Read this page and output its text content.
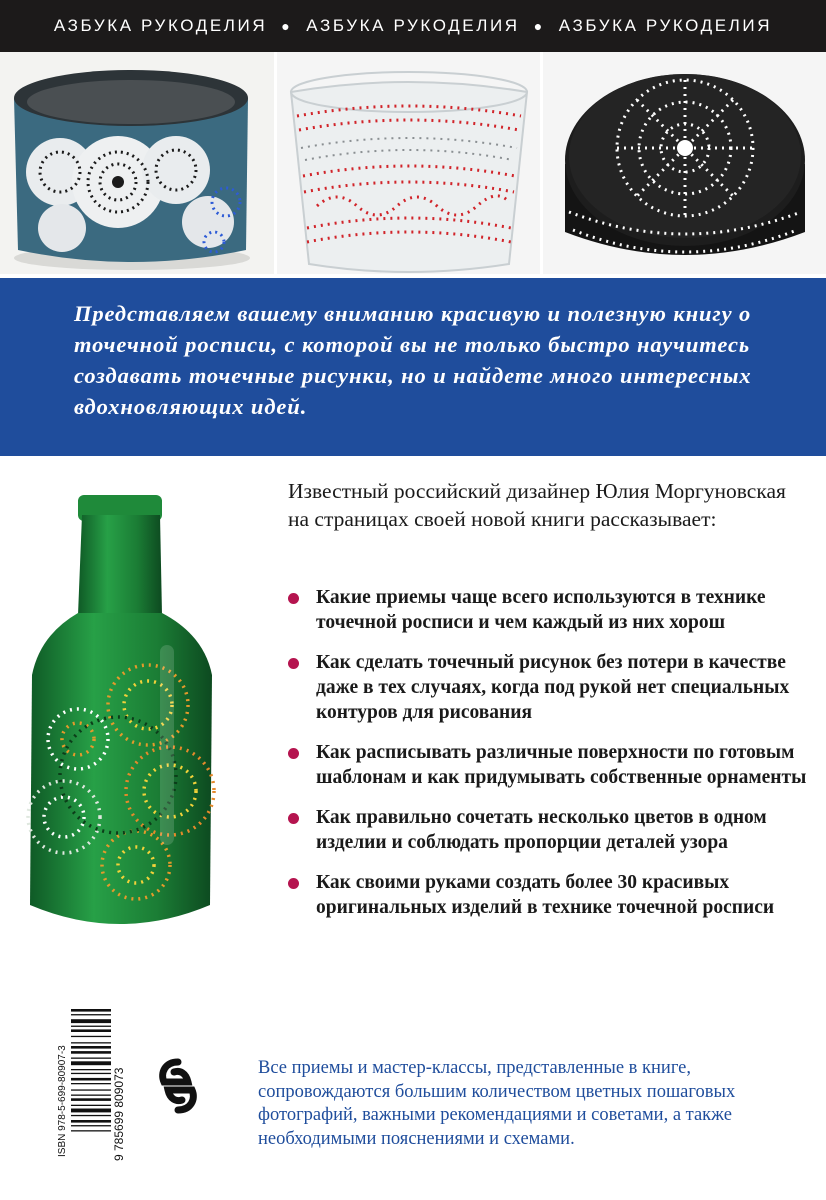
АЗБУКА РУКОДЕЛИЯ ● АЗБУКА РУКОДЕЛИЯ ● АЗБУКА РУКОДЕЛИЯ

Представляем вашему вниманию красивую и полезную книгу о точечной росписи, с которой вы не только быстро научитесь создавать точечные рисунки, но и найдете много интересных вдохновляющих идей.

Известный российский дизайнер Юлия Моргуновская на страницах своей новой книги рассказывает:

Какие приемы чаще всего используются в технике точечной росписи и чем каждый из них хорош
Как сделать точечный рисунок без потери в качестве даже в тех случаях, когда под рукой нет специальных контуров для рисования
Как расписывать различные поверхности по готовым шаблонам и как придумывать собственные орнаменты
Как правильно сочетать несколько цветов в одном изделии и соблюдать пропорции деталей узора
Как своими руками создать более 30 красивых оригинальных изделий в технике точечной росписи
ISBN 978-5-699-80907-3	9 785699 809073	Все приемы и мастер-классы, представленные в книге, сопровождаются большим количеством цветных пошаговых фотографий, важными рекомендациями и советами, а также необходимыми пояснениями и схемами.
